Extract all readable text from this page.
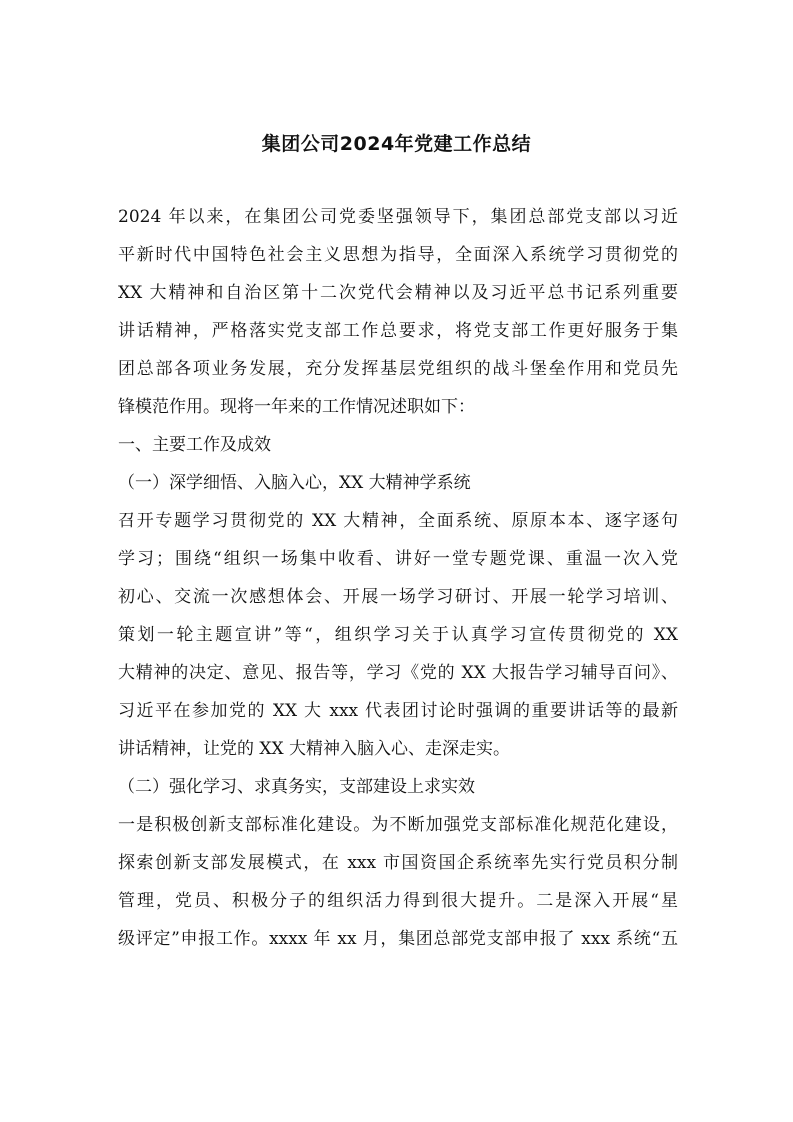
集团公司2024年党建工作总结
2024 年以来，在集团公司党委坚强领导下，集团总部党支部以习近
平新时代中国特色社会主义思想为指导，全面深入系统学习贯彻党的
XX 大精神和自治区第十二次党代会精神以及习近平总书记系列重要
讲话精神，严格落实党支部工作总要求，将党支部工作更好服务于集
团总部各项业务发展，充分发挥基层党组织的战斗堡垒作用和党员先
锋模范作用。现将一年来的工作情况述职如下：
一、主要工作及成效
（一）深学细悟、入脑入心，XX 大精神学系统
召开专题学习贯彻党的 XX 大精神，全面系统、原原本本、逐字逐句
学习；围绕“组织一场集中收看、讲好一堂专题党课、重温一次入党
初心、交流一次感想体会、开展一场学习研讨、开展一轮学习培训、
策划一轮主题宣讲”等“，组织学习关于认真学习宣传贯彻党的 XX
大精神的决定、意见、报告等，学习《党的 XX 大报告学习辅导百问》、
习近平在参加党的 XX 大 xxx 代表团讨论时强调的重要讲话等的最新
讲话精神，让党的 XX 大精神入脑入心、走深走实。
（二）强化学习、求真务实，支部建设上求实效
一是积极创新支部标准化建设。为不断加强党支部标准化规范化建设，
探索创新支部发展模式，在 xxx 市国资国企系统率先实行党员积分制
管理，党员、积极分子的组织活力得到很大提升。二是深入开展“星
级评定”申报工作。xxxx 年 xx 月，集团总部党支部申报了 xxx 系统“五
